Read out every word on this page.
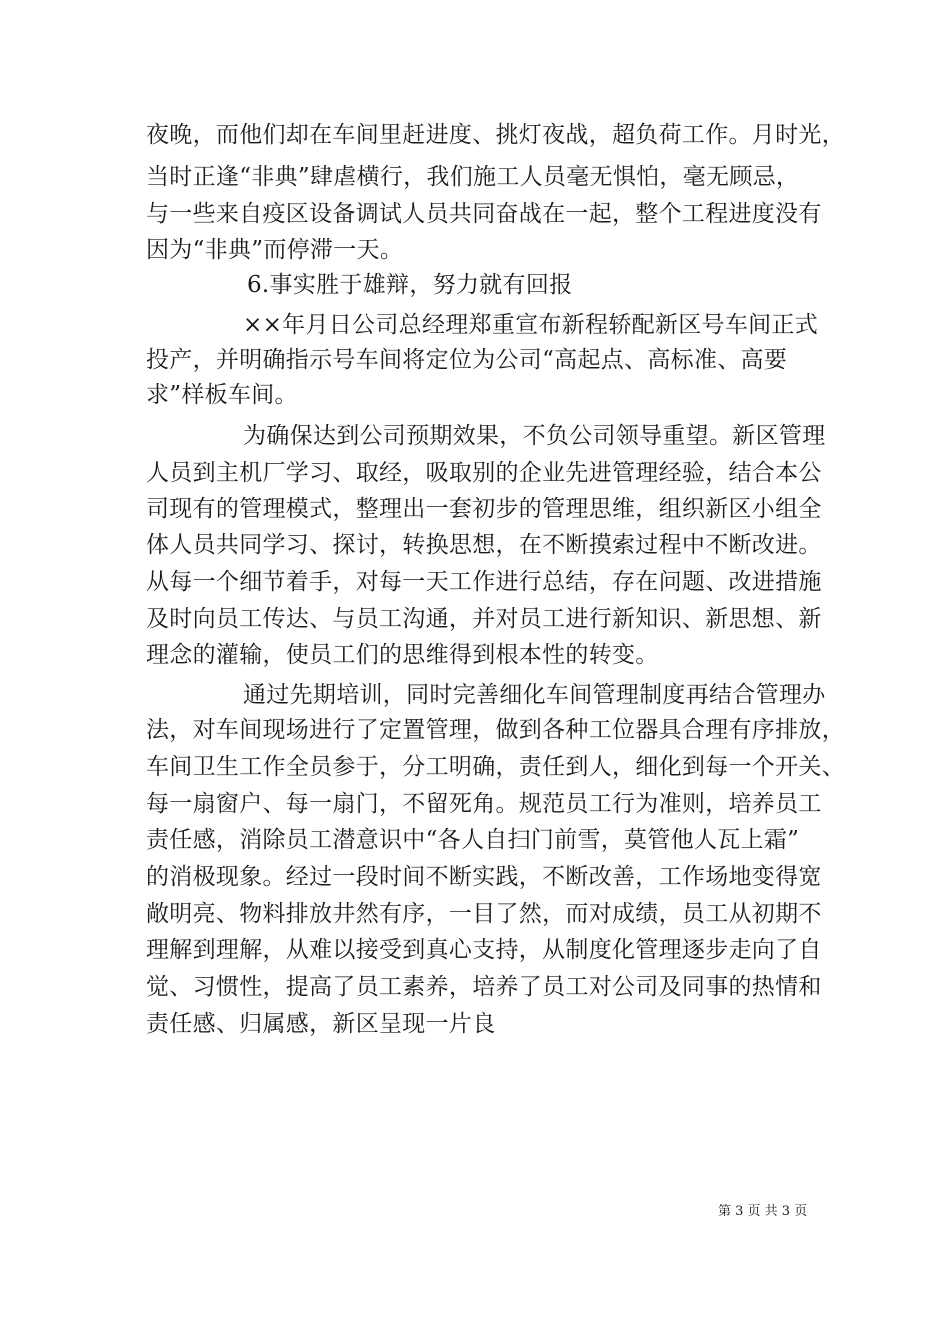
夜晚，而他们却在车间里赶进度、挑灯夜战，超负荷工作。月时光，
当时正逢“非典”肆虐横行，我们施工人员毫无惧怕，毫无顾忌，
与一些来自疫区设备调试人员共同奋战在一起，整个工程进度没有
因为“非典”而停滞一天。
6.事实胜于雄辩，努力就有回报
××年月日公司总经理郑重宣布新程轿配新区号车间正式
投产，并明确指示号车间将定位为公司“高起点、高标准、高要
求”样板车间。
为确保达到公司预期效果，不负公司领导重望。新区管理
人员到主机厂学习、取经，吸取别的企业先进管理经验，结合本公
司现有的管理模式，整理出一套初步的管理思维，组织新区小组全
体人员共同学习、探讨，转换思想，在不断摸索过程中不断改进。
从每一个细节着手，对每一天工作进行总结，存在问题、改进措施
及时向员工传达、与员工沟通，并对员工进行新知识、新思想、新
理念的灌输，使员工们的思维得到根本性的转变。
通过先期培训，同时完善细化车间管理制度再结合管理办
法，对车间现场进行了定置管理，做到各种工位器具合理有序排放，
车间卫生工作全员参于，分工明确，责任到人，细化到每一个开关、
每一扇窗户、每一扇门，不留死角。规范员工行为准则，培养员工
责任感，消除员工潜意识中“各人自扫门前雪，莫管他人瓦上霜”
的消极现象。经过一段时间不断实践，不断改善，工作场地变得宽
敞明亮、物料排放井然有序，一目了然，而对成绩，员工从初期不
理解到理解，从难以接受到真心支持，从制度化管理逐步走向了自
觉、习惯性，提高了员工素养，培养了员工对公司及同事的热情和
责任感、归属感，新区呈现一片良
第 3 页 共 3 页
